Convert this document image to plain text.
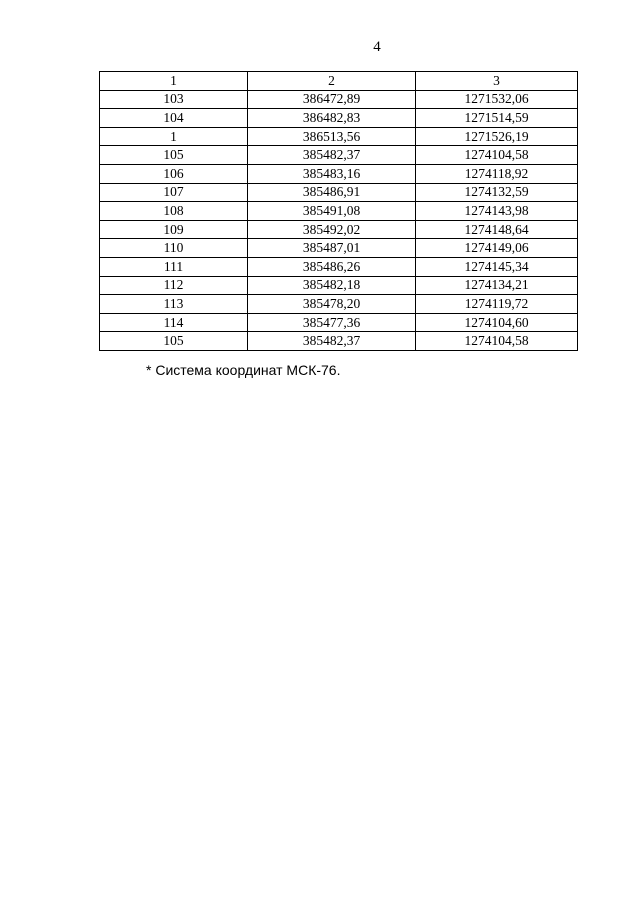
4
1	2	3
103	386472,89	1271532,06
104	386482,83	1271514,59
1	386513,56	1271526,19
105	385482,37	1274104,58
106	385483,16	1274118,92
107	385486,91	1274132,59
108	385491,08	1274143,98
109	385492,02	1274148,64
110	385487,01	1274149,06
111	385486,26	1274145,34
112	385482,18	1274134,21
113	385478,20	1274119,72
114	385477,36	1274104,60
105	385482,37	1274104,58
* Система координат МСК-76.
